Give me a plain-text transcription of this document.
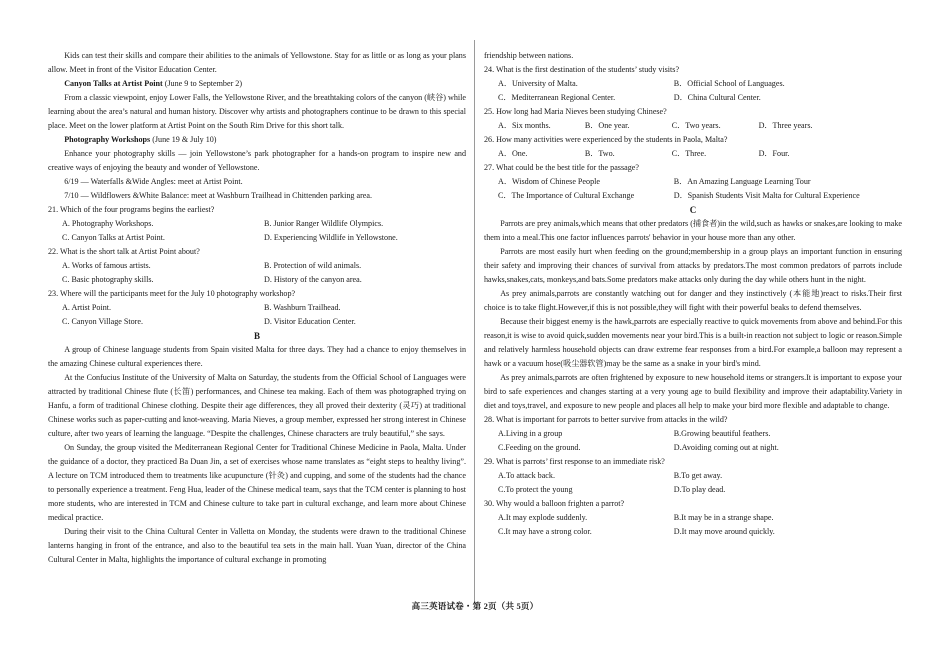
Kids can test their skills and compare their abilities to the animals of Yellowstone. Stay for as little or as long as your plans allow. Meet in front of the Visitor Education Center.

Canyon Talks at Artist Point (June 9 to September 2)

From a classic viewpoint, enjoy Lower Falls, the Yellowstone River, and the breathtaking colors of the canyon (峡谷) while learning about the area’s natural and human history. Discover why artists and photographers continue to be drawn to this special place. Meet on the lower platform at Artist Point on the South Rim Drive for this short talk.

Photography Workshops (June 19 & July 10)

Enhance your photography skills — join Yellowstone’s park photographer for a hands-on program to inspire new and creative ways of enjoying the beauty and wonder of Yellowstone.

6/19 — Waterfalls &Wide Angles: meet at Artist Point.

7/10 — Wildflowers &White Balance: meet at Washburn Trailhead in Chittenden parking area.

21. Which of the four programs begins the earliest?

A. Photography Workshops.	B. Junior Ranger Wildlife Olympics.
C. Canyon Talks at Artist Point.	D. Experiencing Wildlife in Yellowstone.

22. What is the short talk at Artist Point about?

A. Works of famous artists.	B. Protection of wild animals.
C. Basic photography skills.	D. History of the canyon area.

23. Where will the participants meet for the July 10 photography workshop?

A. Artist Point.	B. Washburn Trailhead.
C. Canyon Village Store.	D. Visitor Education Center.
B

A group of Chinese language students from Spain visited Malta for three days. They had a chance to enjoy themselves in the amazing Chinese cultural experiences there.

At the Confucius Institute of the University of Malta on Saturday, the students from the Official School of Languages were attracted by traditional Chinese flute (长笛) performances, and Chinese tea making. Each of them was photographed trying on Hanfu, a form of traditional Chinese clothing. Despite their age differences, they all proved their dexterity (灵巧) at traditional Chinese works such as paper-cutting and knot-weaving. Maria Nieves, a group member, expressed her strong interest in Chinese culture, after two years of learning the language. “Despite the challenges, Chinese characters are truly beautiful,” she says.

On Sunday, the group visited the Mediterranean Regional Center for Traditional Chinese Medicine in Paola, Malta. Under the guidance of a doctor, they practiced Ba Duan Jin, a set of exercises whose name translates as “eight steps to healthy living”. A lecture on TCM introduced them to treatments like acupuncture (针灸) and cupping, and some of the students had the chance to personally experience a treatment. Feng Hua, leader of the Chinese medical team, says that the TCM center is planning to host more students, who are interested in TCM and Chinese culture to take part in cultural exchange, and learn more about Chinese medical practice.

During their visit to the China Cultural Center in Valletta on Monday, the students were drawn to the traditional Chinese lanterns hanging in front of the entrance, and also to the beautiful tea sets in the main hall. Yuan Yuan, director of the China Cultural Center in Malta, highlights the importance of cultural exchange in promoting

friendship between nations.

24. What is the first destination of the students’ study visits?

A．University of Malta.	B．Official School of Languages.
C．Mediterranean Regional Center.	D．China Cultural Center.

25. How long had Maria Nieves been studying Chinese?

A．Six months.	B．One year.	C．Two years.	D．Three years.

26. How many activities were experienced by the students in Paola, Malta?

A．One.	B．Two.	C．Three.	D．Four.

27. What could be the best title for the passage?

A．Wisdom of Chinese People	B．An Amazing Language Learning Tour
C．The Importance of Cultural Exchange	D．Spanish Students Visit Malta for Cultural Experience
C

Parrots are prey animals,which means that other predators (捕食者)in the wild,such as hawks or snakes,are looking to make them into a meal.This one factor influences parrots' behavior in your house more than any other.

Parrots are most easily hurt when feeding on the ground;membership in a group plays an important function in ensuring their safety and improving their chances of survival from attacks by predators.The most common predators of parrots include hawks,snakes,cats, monkeys,and bats.Some predators make attacks only during the day while others hunt in the night.

As prey animals,parrots are constantly watching out for danger and they instinctively (本能地)react to risks.Their first choice is to take flight.However,if this is not possible,they will fight with their powerful beaks to defend themselves.

Because their biggest enemy is the hawk,parrots are especially reactive to quick movements from above and behind.For this reason,it is wise to avoid quick,sudden movements near your bird.This is a built-in reaction not subject to logic or reason.Simple and relatively harmless household objects can draw extreme fear responses from a bird.For example,a balloon may represent a hawk or a vacuum hose(吸尘器软管)may be the same as a snake in your bird's mind.

As prey animals,parrots are often frightened by exposure to new household items or strangers.It is important to expose your bird to safe experiences and changes starting at a very young age to build flexibility and improve their adaptability.Variety in diet and toys,travel, and exposure to new people and places all help to make your bird more flexible and adaptable to change.

28. What is important for parrots to better survive from attacks in the wild?

A.Living in a group	B.Growing beautiful feathers.
C.Feeding on the ground.	D.Avoiding coming out at night.

29. What is parrots’ first response to an immediate risk?

A.To attack back.	B.To get away.
C.To protect the young	D.To play dead.

30. Why would a balloon frighten a parrot?

A.It may explode suddenly.	B.It may be in a strange shape.
C.It may have a strong color.	D.It may move around quickly.
高三英语试卷・第 2页（共 5页）
